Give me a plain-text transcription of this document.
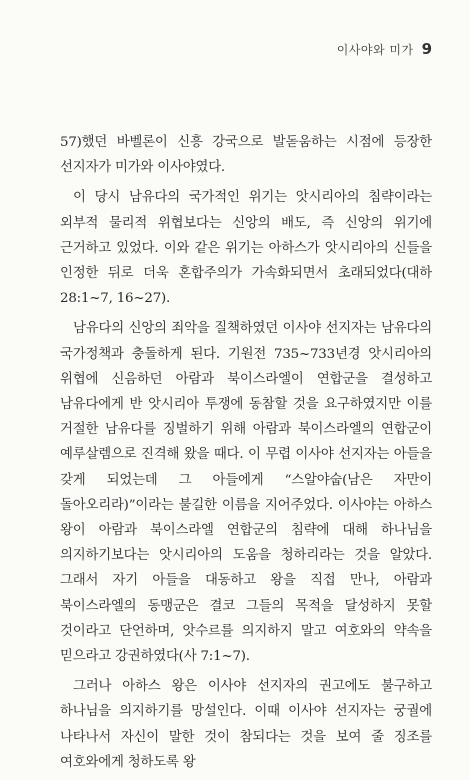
이사야와 미가 9

57)했던 바벨론이 신흥 강국으로 발돋움하는 시점에 등장한 선지자가 미가와 이사야였다.

이 당시 남유다의 국가적인 위기는 앗시리아의 침략이라는 외부적 물리적 위협보다는 신앙의 배도, 즉 신앙의 위기에 근거하고 있었다. 이와 같은 위기는 아하스가 앗시리아의 신들을 인정한 뒤로 더욱 혼합주의가 가속화되면서 초래되었다(대하 28:1~7, 16~27).

남유다의 신앙의 죄악을 질책하였던 이사야 선지자는 남유다의 국가정책과 충돌하게 된다. 기원전 735~733년경 앗시리아의 위협에 신음하던 아람과 북이스라엘이 연합군을 결성하고 남유다에게 반 앗시리아 투쟁에 동참할 것을 요구하였지만 이를 거절한 남유다를 징벌하기 위해 아람과 북이스라엘의 연합군이 예루살렘으로 진격해 왔을 때다. 이 무렵 이사야 선지자는 아들을 갖게 되었는데 그 아들에게 “스알야숩(남은 자만이 돌아오리라)”이라는 불길한 이름을 지어주었다. 이사야는 아하스 왕이 아람과 북이스라엘 연합군의 침략에 대해 하나님을 의지하기보다는 앗시리아의 도움을 청하리라는 것을 알았다. 그래서 자기 아들을 대동하고 왕을 직접 만나, 아람과 북이스라엘의 동맹군은 결코 그들의 목적을 달성하지 못할 것이라고 단언하며, 앗수르를 의지하지 말고 여호와의 약속을 믿으라고 강권하였다(사 7:1~7).

그러나 아하스 왕은 이사야 선지자의 권고에도 불구하고 하나님을 의지하기를 망설인다. 이때 이사야 선지자는 궁궐에 나타나서 자신이 말한 것이 참되다는 것을 보여 줄 징조를 여호와에게 청하도록 왕
